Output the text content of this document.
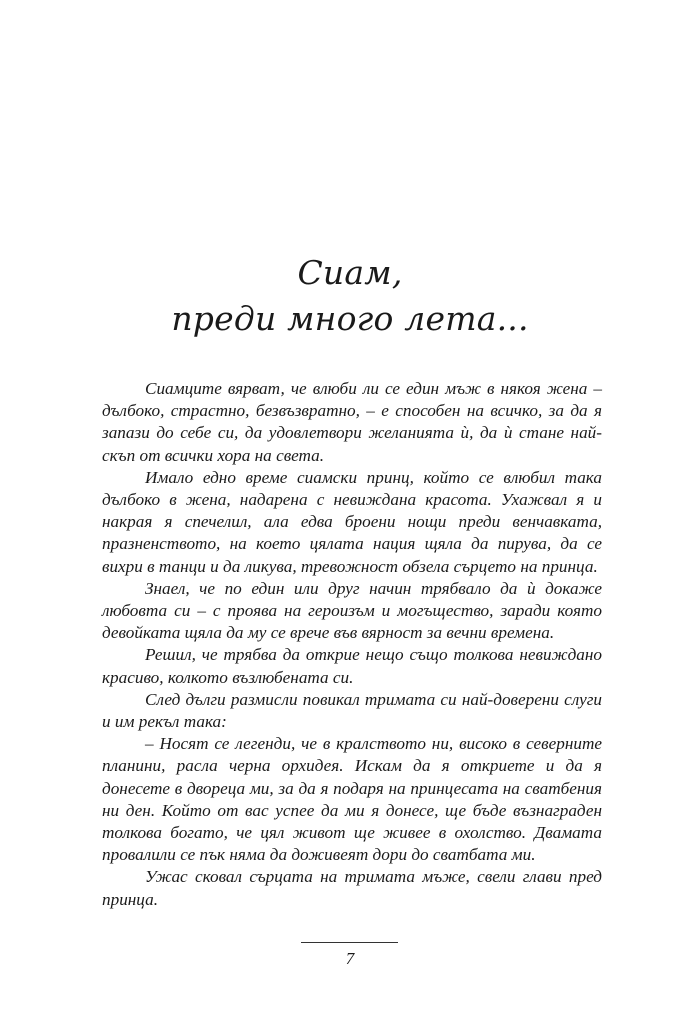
Сиам,
преди много лета...

Сиамците вярват, че влюби ли се един мъж в някоя жена – дълбоко, страстно, безвъзвратно, – е способен на всичко, за да я запази до себе си, да удовлетвори желанията ѝ, да ѝ стане най-скъп от всички хора на света.

Имало едно време сиамски принц, който се влюбил така дълбоко в жена, надарена с невиждана красота. Ухажвал я и накрая я спечелил, ала едва броени нощи преди венчавката, празненството, на което цялата нация щяла да пирува, да се вихри в танци и да ликува, тревожност обзела сърцето на принца.

Знаел, че по един или друг начин трябвало да ѝ докаже любовта си – с проява на героизъм и могъщество, заради която девойката щяла да му се врече във вярност за вечни времена.

Решил, че трябва да открие нещо също толкова невиждано красиво, колкото възлюбената си.

След дълги размисли повикал тримата си най-доверени слуги и им рекъл така:

– Носят се легенди, че в кралството ни, високо в северните планини, расла черна орхидея. Искам да я откриете и да я донесете в двореца ми, за да я подаря на принцесата на сватбения ни ден. Който от вас успее да ми я донесе, ще бъде възнаграден толкова богато, че цял живот ще живее в охолство. Двамата провалили се пък няма да доживеят дори до сватбата ми.

Ужас сковал сърцата на тримата мъже, свели глави пред принца.

7
